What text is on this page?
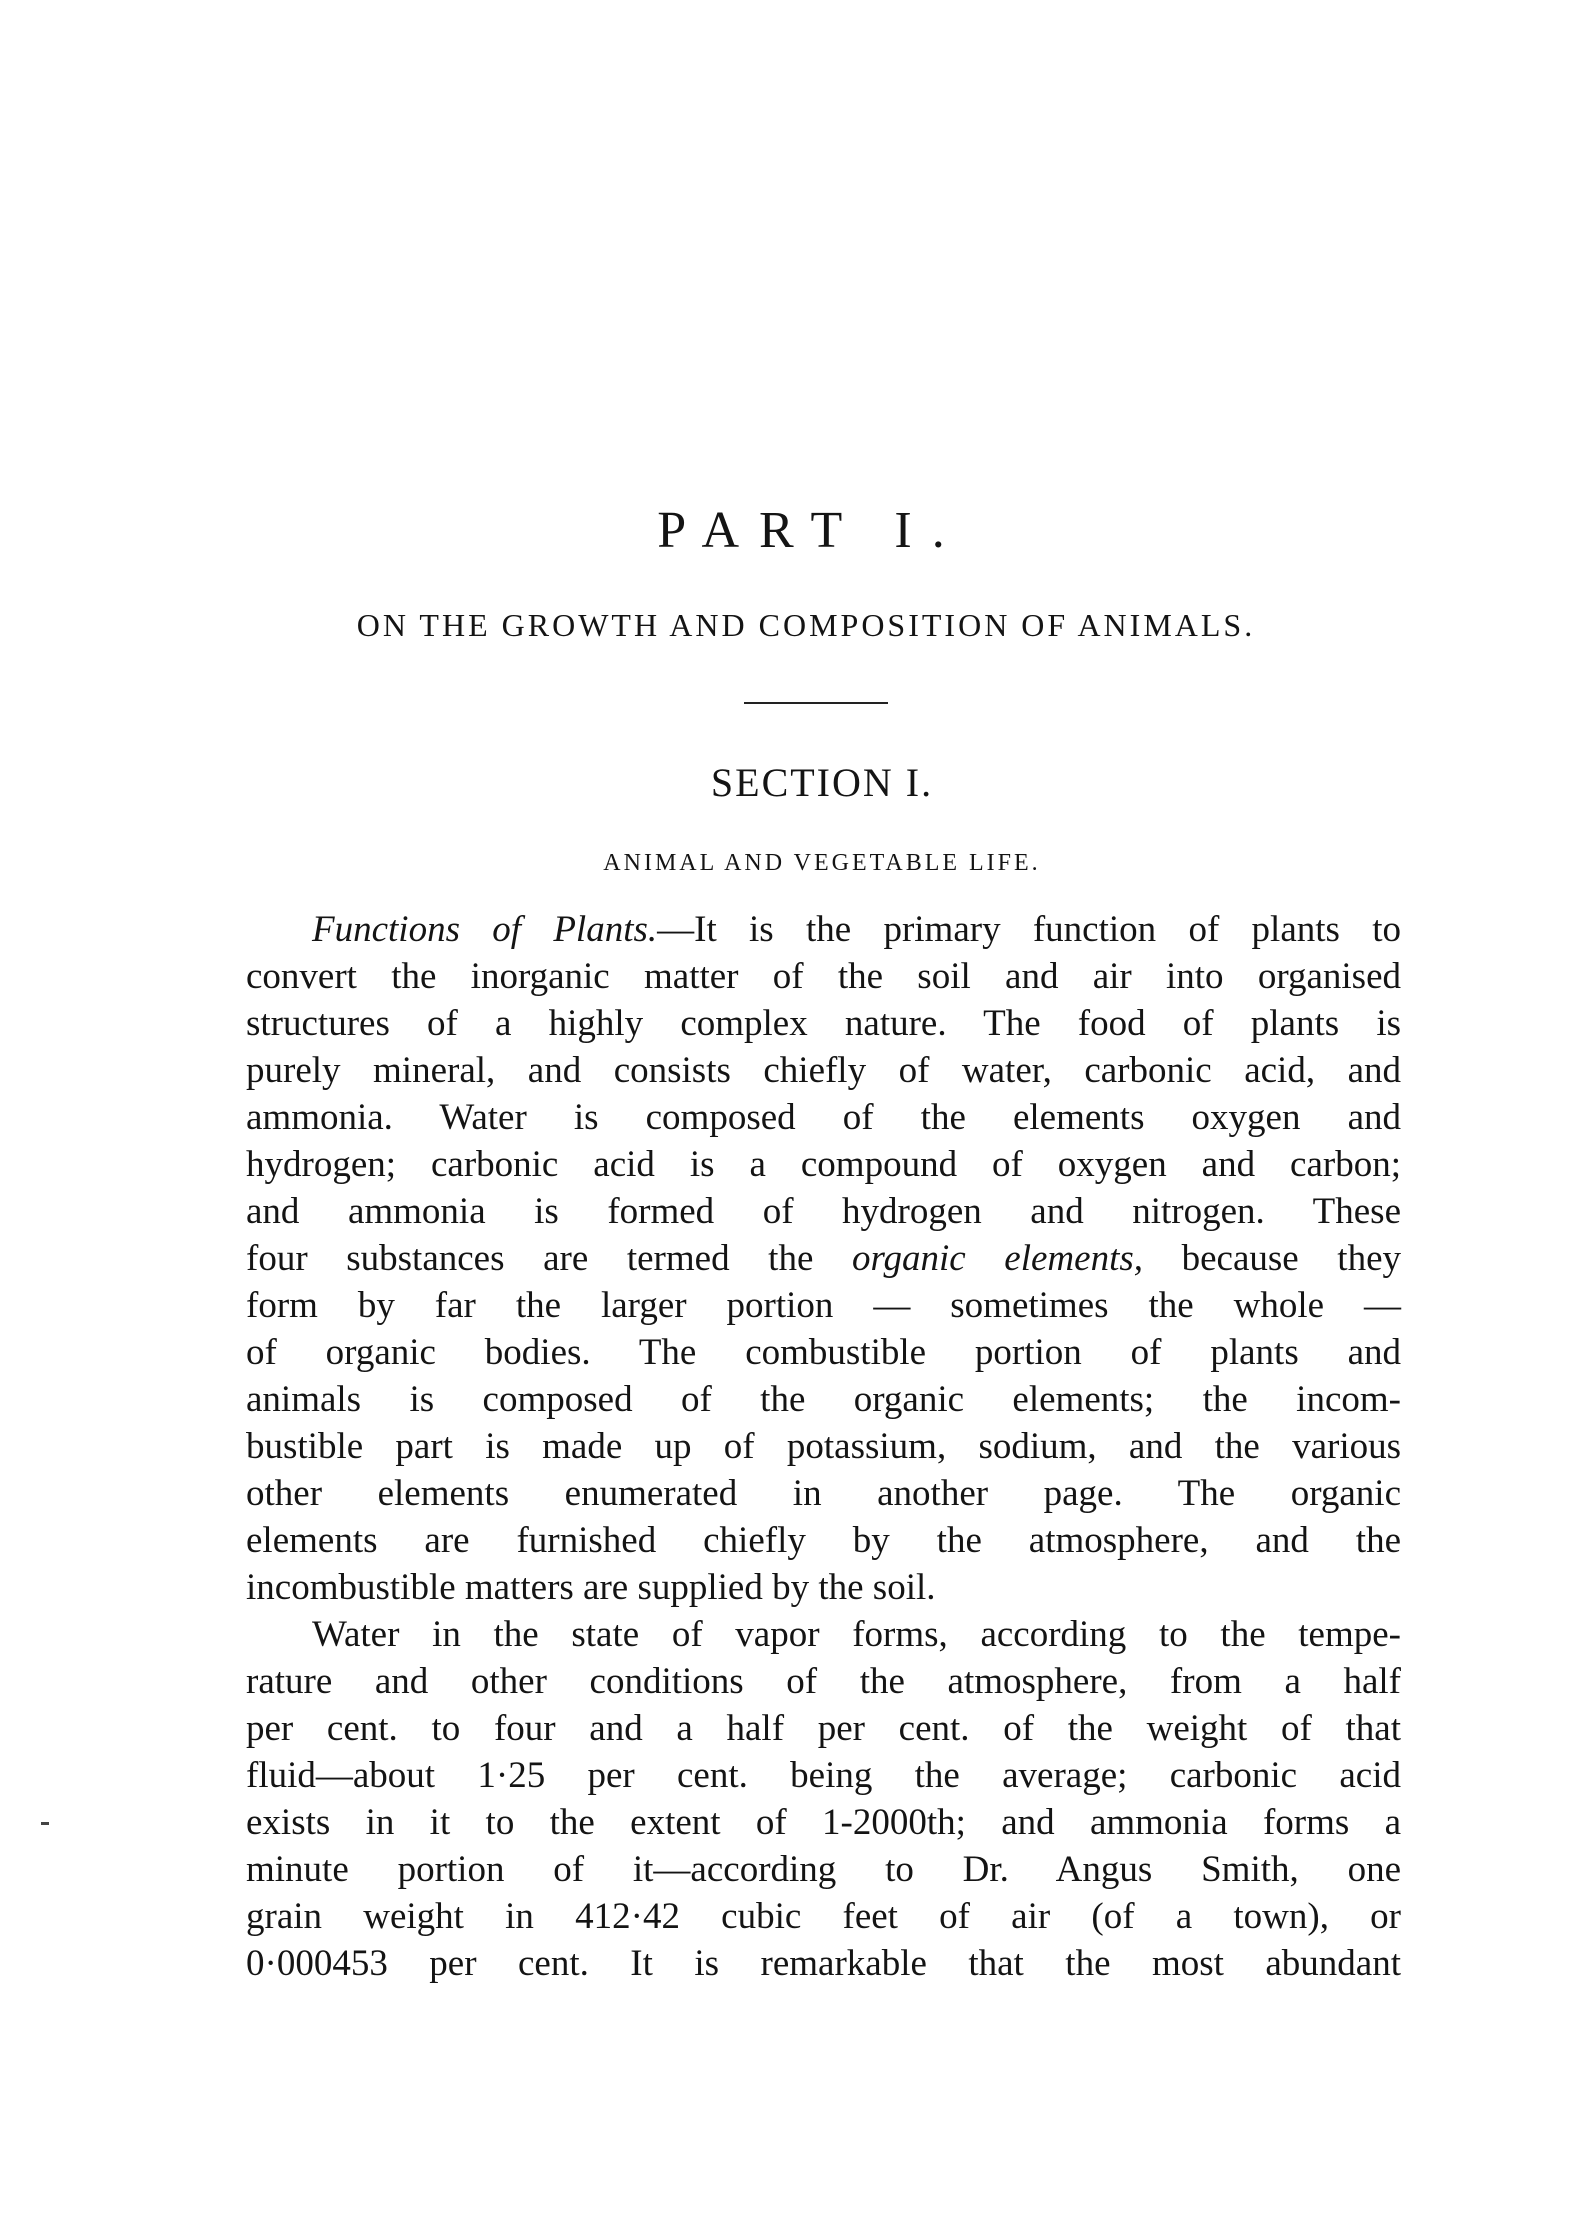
PART I.
ON THE GROWTH AND COMPOSITION OF ANIMALS.
SECTION I.
ANIMAL AND VEGETABLE LIFE.
Functions of Plants.—It is the primary function of plants to
convert the inorganic matter of the soil and air into organised
structures of a highly complex nature. The food of plants is
purely mineral, and consists chiefly of water, carbonic acid, and
ammonia. Water is composed of the elements oxygen and
hydrogen; carbonic acid is a compound of oxygen and carbon;
and ammonia is formed of hydrogen and nitrogen. These
four substances are termed the organic elements, because they
form by far the larger portion — sometimes the whole —
of organic bodies. The combustible portion of plants and
animals is composed of the organic elements; the incom-
bustible part is made up of potassium, sodium, and the various
other elements enumerated in another page. The organic
elements are furnished chiefly by the atmosphere, and the
incombustible matters are supplied by the soil.
Water in the state of vapor forms, according to the tempe-
rature and other conditions of the atmosphere, from a half
per cent. to four and a half per cent. of the weight of that
fluid—about 1·25 per cent. being the average; carbonic acid
exists in it to the extent of 1-2000th; and ammonia forms a
minute portion of it—according to Dr. Angus Smith, one
grain weight in 412·42 cubic feet of air (of a town), or
0·000453 per cent. It is remarkable that the most abundant
